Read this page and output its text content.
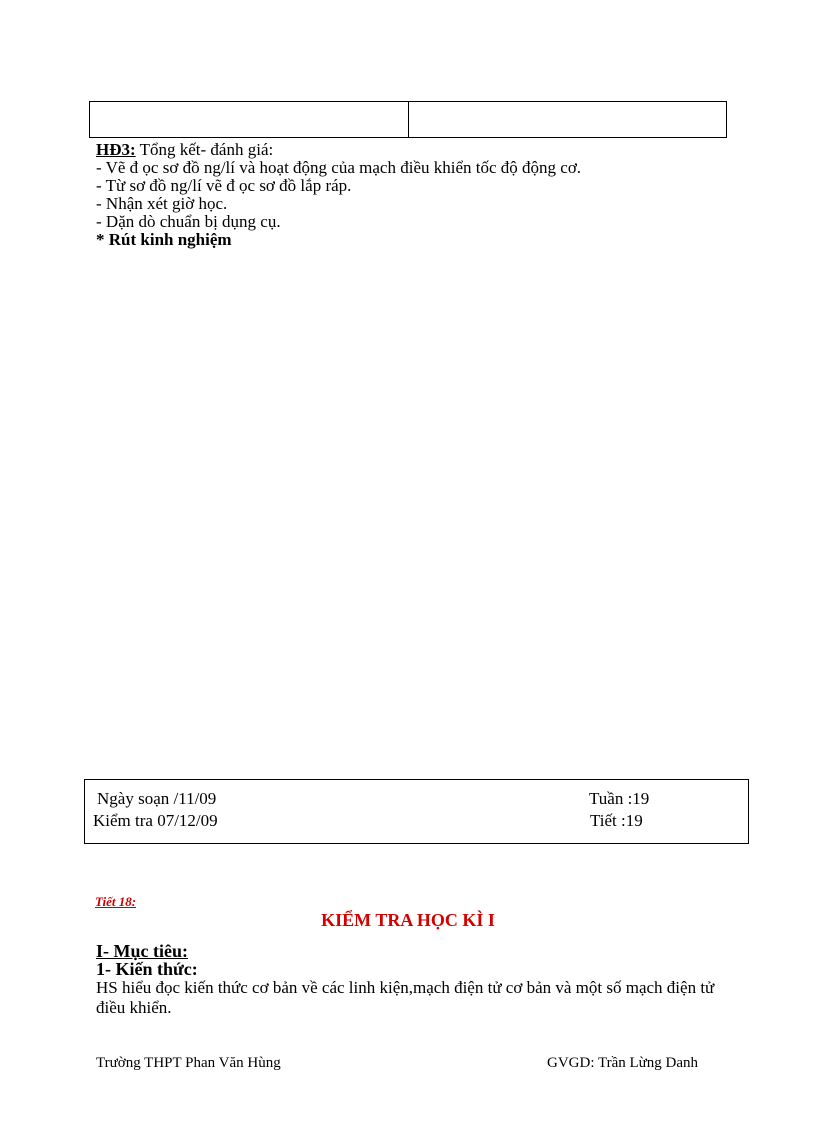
HĐ3: Tổng kết- đánh giá:
- Vẽ đ ọc sơ đồ ng/lí và hoạt động của mạch điều khiển tốc độ động cơ.
- Từ sơ đồ ng/lí vẽ đ ọc sơ đồ lắp ráp.
- Nhận xét giờ học.
- Dặn dò chuẩn bị dụng cụ.
* Rút kinh nghiệm
Ngày soạn /11/09
Kiểm tra 07/12/09
Tuần :19
Tiết :19
Tiết 18:
KIỂM TRA HỌC KÌ I
I- Mục tiêu:
1- Kiến thức:
HS hiểu đọc kiến thức cơ bản về các linh kiện,mạch điện tử cơ bản và một số mạch điện tử điều khiển.
Trường THPT Phan Văn Hùng	GVGD: Trần Lừng Danh
